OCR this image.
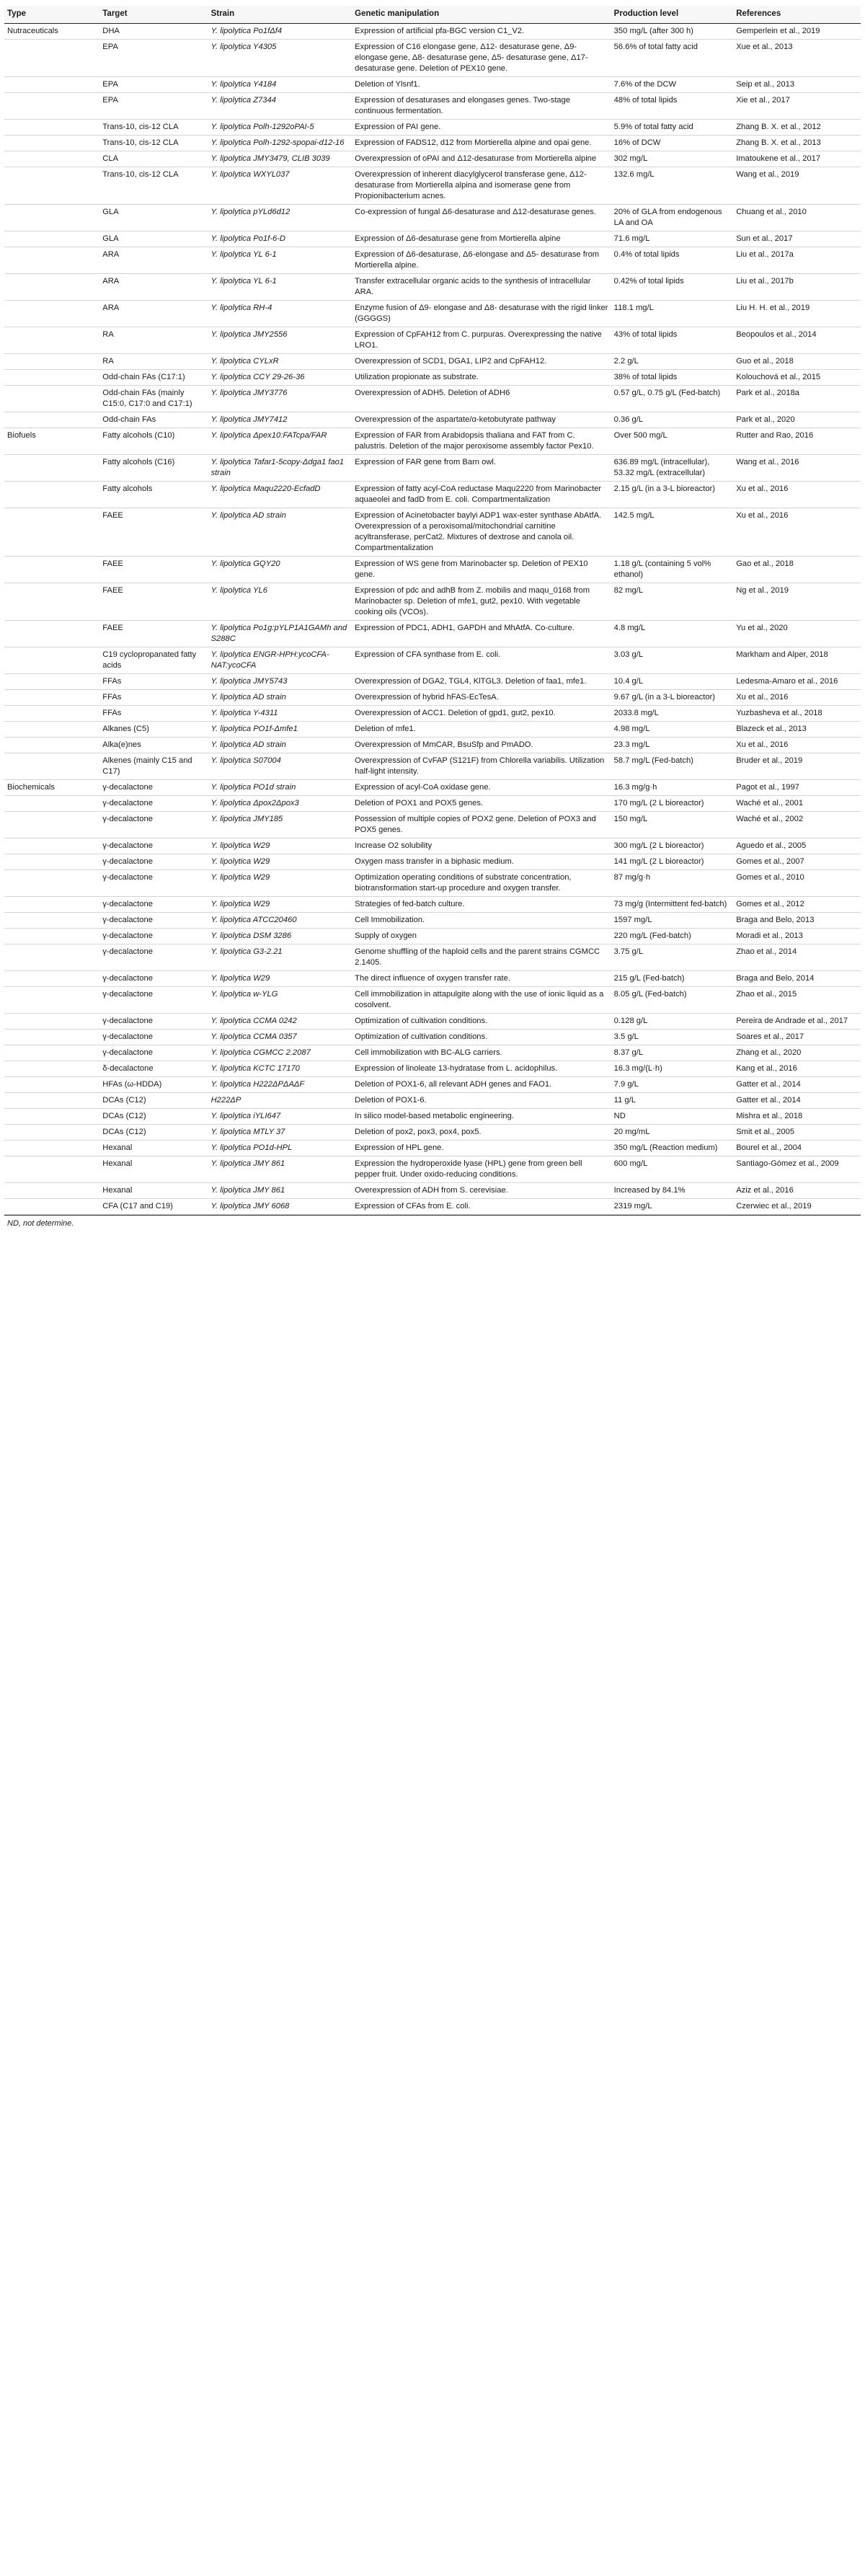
Type	Target	Strain	Genetic manipulation	Production level	References
Nutraceuticals	DHA	Y. lipolytica Po1fΔf4	Expression of artificial pfa-BGC version C1_V2.	350 mg/L (after 300 h)	Gemperlein et al., 2019
	EPA	Y. lipolytica Y4305	Expression of C16 elongase gene, Δ12- desaturase gene, Δ9- elongase gene, Δ8- desaturase gene, Δ5- desaturase gene, Δ17- desaturase gene. Deletion of PEX10 gene.	56.6% of total fatty acid	Xue et al., 2013
	EPA	Y. lipolytica Y4184	Deletion of Ylsnf1.	7.6% of the DCW	Seip et al., 2013
	EPA	Y. lipolytica Z7344	Expression of desaturases and elongases genes. Two-stage continuous fermentation.	48% of total lipids	Xie et al., 2017
	Trans-10, cis-12 CLA	Y. lipolytica Polh-1292oPAI-5	Expression of PAI gene.	5.9% of total fatty acid	Zhang B. X. et al., 2012
	Trans-10, cis-12 CLA	Y. lipolytica Polh-1292-spopai-d12-16	Expression of FADS12, d12 from Mortierella alpine and opai gene.	16% of DCW	Zhang B. X. et al., 2013
	CLA	Y. lipolytica JMY3479, CLIB 3039	Overexpression of oPAI and Δ12-desaturase from Mortierella alpine	302 mg/L	Imatoukene et al., 2017
	Trans-10, cis-12 CLA	Y. lipolytica WXYL037	Overexpression of inherent diacylglycerol transferase gene, Δ12-desaturase from Mortierella alpina and isomerase gene from Propionibacterium acnes.	132.6 mg/L	Wang et al., 2019
	GLA	Y. lipolytica pYLd6d12	Co-expression of fungal Δ6-desaturase and Δ12-desaturase genes.	20% of GLA from endogenous LA and OA	Chuang et al., 2010
	GLA	Y. lipolytica Po1f-6-D	Expression of Δ6-desaturase gene from Mortierella alpine	71.6 mg/L	Sun et al., 2017
	ARA	Y. lipolytica YL 6-1	Expression of Δ6-desaturase, Δ6-elongase and Δ5- desaturase from Mortierella alpine.	0.4% of total lipids	Liu et al., 2017a
	ARA	Y. lipolytica YL 6-1	Transfer extracellular organic acids to the synthesis of intracellular ARA.	0.42% of total lipids	Liu et al., 2017b
	ARA	Y. lipolytica RH-4	Enzyme fusion of Δ9- elongase and Δ8- desaturase with the rigid linker (GGGGS)	118.1 mg/L	Liu H. H. et al., 2019
	RA	Y. lipolytica JMY2556	Expression of CpFAH12 from C. purpuras. Overexpressing the native LRO1.	43% of total lipids	Beopoulos et al., 2014
	RA	Y. lipolytica CYLxR	Overexpression of SCD1, DGA1, LIP2 and CpFAH12.	2.2 g/L	Guo et al., 2018
	Odd-chain FAs (C17:1)	Y. lipolytica CCY 29-26-36	Utilization propionate as substrate.	38% of total lipids	Kolouchová et al., 2015
	Odd-chain FAs (mainly C15:0, C17:0 and C17:1)	Y. lipolytica JMY3776	Overexpression of ADH5. Deletion of ADH6	0.57 g/L, 0.75 g/L (Fed-batch)	Park et al., 2018a
	Odd-chain FAs	Y. lipolytica JMY7412	Overexpression of the aspartate/α-ketobutyrate pathway	0.36 g/L	Park et al., 2020
Biofuels	Fatty alcohols (C10)	Y. lipolytica Δpex10:FATcpa/FAR	Expression of FAR from Arabidopsis thaliana and FAT from C. palustris. Deletion of the major peroxisome assembly factor Pex10.	Over 500 mg/L	Rutter and Rao, 2016
	Fatty alcohols (C16)	Y. lipolytica Tafar1-5copy-Δdga1 fao1 strain	Expression of FAR gene from Barn owl.	636.89 mg/L (intracellular), 53.32 mg/L (extracellular)	Wang et al., 2016
	Fatty alcohols	Y. lipolytica Maqu2220-EcfadD	Expression of fatty acyl-CoA reductase Maqu2220 from Marinobacter aquaeolei and fadD from E. coli. Compartmentalization	2.15 g/L (in a 3-L bioreactor)	Xu et al., 2016
	FAEE	Y. lipolytica AD strain	Expression of Acinetobacter baylyi ADP1 wax-ester synthase AbAtfA. Overexpression of a peroxisomal/mitochondrial carnitine acyltransferase, perCat2. Mixtures of dextrose and canola oil. Compartmentalization	142.5 mg/L	Xu et al., 2016
	FAEE	Y. lipolytica GQY20	Expression of WS gene from Marinobacter sp. Deletion of PEX10 gene.	1.18 g/L (containing 5 vol% ethanol)	Gao et al., 2018
	FAEE	Y. lipolytica YL6	Expression of pdc and adhB from Z. mobilis and maqu_0168 from Marinobacter sp. Deletion of mfe1, gut2, pex10. With vegetable cooking oils (VCOs).	82 mg/L	Ng et al., 2019
	FAEE	Y. lipolytica Po1g:pYLP1A1GAMh and S288C	Expression of PDC1, ADH1, GAPDH and MhAtfA. Co-culture.	4.8 mg/L	Yu et al., 2020
	C19 cyclopropanated fatty acids	Y. lipolytica ENGR-HPH:ycoCFA-NAT:ycoCFA	Expression of CFA synthase from E. coli.	3.03 g/L	Markham and Alper, 2018
	FFAs	Y. lipolytica JMY5743	Overexpression of DGA2, TGL4, KlTGL3. Deletion of faa1, mfe1.	10.4 g/L	Ledesma-Amaro et al., 2016
	FFAs	Y. lipolytica AD strain	Overexpression of hybrid hFAS-EcTesA.	9.67 g/L (in a 3-L bioreactor)	Xu et al., 2016
	FFAs	Y. lipolytica Y-4311	Overexpression of ACC1. Deletion of gpd1, gut2, pex10.	2033.8 mg/L	Yuzbasheva et al., 2018
	Alkanes (C5)	Y. lipolytica PO1f-Δmfe1	Deletion of mfe1.	4.98 mg/L	Blazeck et al., 2013
	Alka(e)nes	Y. lipolytica AD strain	Overexpression of MmCAR, BsuSfp and PmADO.	23.3 mg/L	Xu et al., 2016
	Alkenes (mainly C15 and C17)	Y. lipolytica S07004	Overexpression of CvFAP (S121F) from Chlorella variabilis. Utilization half-light intensity.	58.7 mg/L (Fed-batch)	Bruder et al., 2019
Biochemicals	γ-decalactone	Y. lipolytica PO1d strain	Expression of acyl-CoA oxidase gene.	16.3 mg/g·h	Pagot et al., 1997
	γ-decalactone	Y. lipolytica Δpox2Δpox3	Deletion of POX1 and POX5 genes.	170 mg/L (2 L bioreactor)	Waché et al., 2001
	γ-decalactone	Y. lipolytica JMY185	Possession of multiple copies of POX2 gene. Deletion of POX3 and POX5 genes.	150 mg/L	Waché et al., 2002
	γ-decalactone	Y. lipolytica W29	Increase O2 solubility	300 mg/L (2 L bioreactor)	Aguedo et al., 2005
	γ-decalactone	Y. lipolytica W29	Oxygen mass transfer in a biphasic medium.	141 mg/L (2 L bioreactor)	Gomes et al., 2007
	γ-decalactone	Y. lipolytica W29	Optimization operating conditions of substrate concentration, biotransformation start-up procedure and oxygen transfer.	87 mg/g·h	Gomes et al., 2010
	γ-decalactone	Y. lipolytica W29	Strategies of fed-batch culture.	73 mg/g (Intermittent fed-batch)	Gomes et al., 2012
	γ-decalactone	Y. lipolytica ATCC20460	Cell Immobilization.	1597 mg/L	Braga and Belo, 2013
	γ-decalactone	Y. lipolytica DSM 3286	Supply of oxygen	220 mg/L (Fed-batch)	Moradi et al., 2013
	γ-decalactone	Y. lipolytica G3-2.21	Genome shuffling of the haploid cells and the parent strains CGMCC 2.1405.	3.75 g/L	Zhao et al., 2014
	γ-decalactone	Y. lipolytica W29	The direct influence of oxygen transfer rate.	215 g/L (Fed-batch)	Braga and Belo, 2014
	γ-decalactone	Y. lipolytica w-YLG	Cell immobilization in attapulgite along with the use of ionic liquid as a cosolvent.	8.05 g/L (Fed-batch)	Zhao et al., 2015
	γ-decalactone	Y. lipolytica CCMA 0242	Optimization of cultivation conditions.	0.128 g/L	Pereira de Andrade et al., 2017
	γ-decalactone	Y. lipolytica CCMA 0357	Optimization of cultivation conditions.	3.5 g/L	Soares et al., 2017
	γ-decalactone	Y. lipolytica CGMCC 2.2087	Cell immobilization with BC-ALG carriers.	8.37 g/L	Zhang et al., 2020
	δ-decalactone	Y. lipolytica KCTC 17170	Expression of linoleate 13-hydratase from L. acidophilus.	16.3 mg/(L·h)	Kang et al., 2016
	HFAs (ω-HDDA)	Y. lipolytica H222ΔPΔAΔF	Deletion of POX1-6, all relevant ADH genes and FAO1.	7.9 g/L	Gatter et al., 2014
	DCAs (C12)	H222ΔP	Deletion of POX1-6.	11 g/L	Gatter et al., 2014
	DCAs (C12)	Y. lipolytica iYLI647	In silico model-based metabolic engineering.	ND	Mishra et al., 2018
	DCAs (C12)	Y. lipolytica MTLY 37	Deletion of pox2, pox3, pox4, pox5.	20 mg/mL	Smit et al., 2005
	Hexanal	Y. lipolytica PO1d-HPL	Expression of HPL gene.	350 mg/L (Reaction medium)	Bourel et al., 2004
	Hexanal	Y. lipolytica JMY 861	Expression the hydroperoxide lyase (HPL) gene from green bell pepper fruit. Under oxido-reducing conditions.	600 mg/L	Santiago-Gómez et al., 2009
	Hexanal	Y. lipolytica JMY 861	Overexpression of ADH from S. cerevisiae.	Increased by 84.1%	Aziz et al., 2016
	CFA (C17 and C19)	Y. lipolytica JMY 6068	Expression of CFAs from E. coli.	2319 mg/L	Czerwiec et al., 2019
ND, not determine.
